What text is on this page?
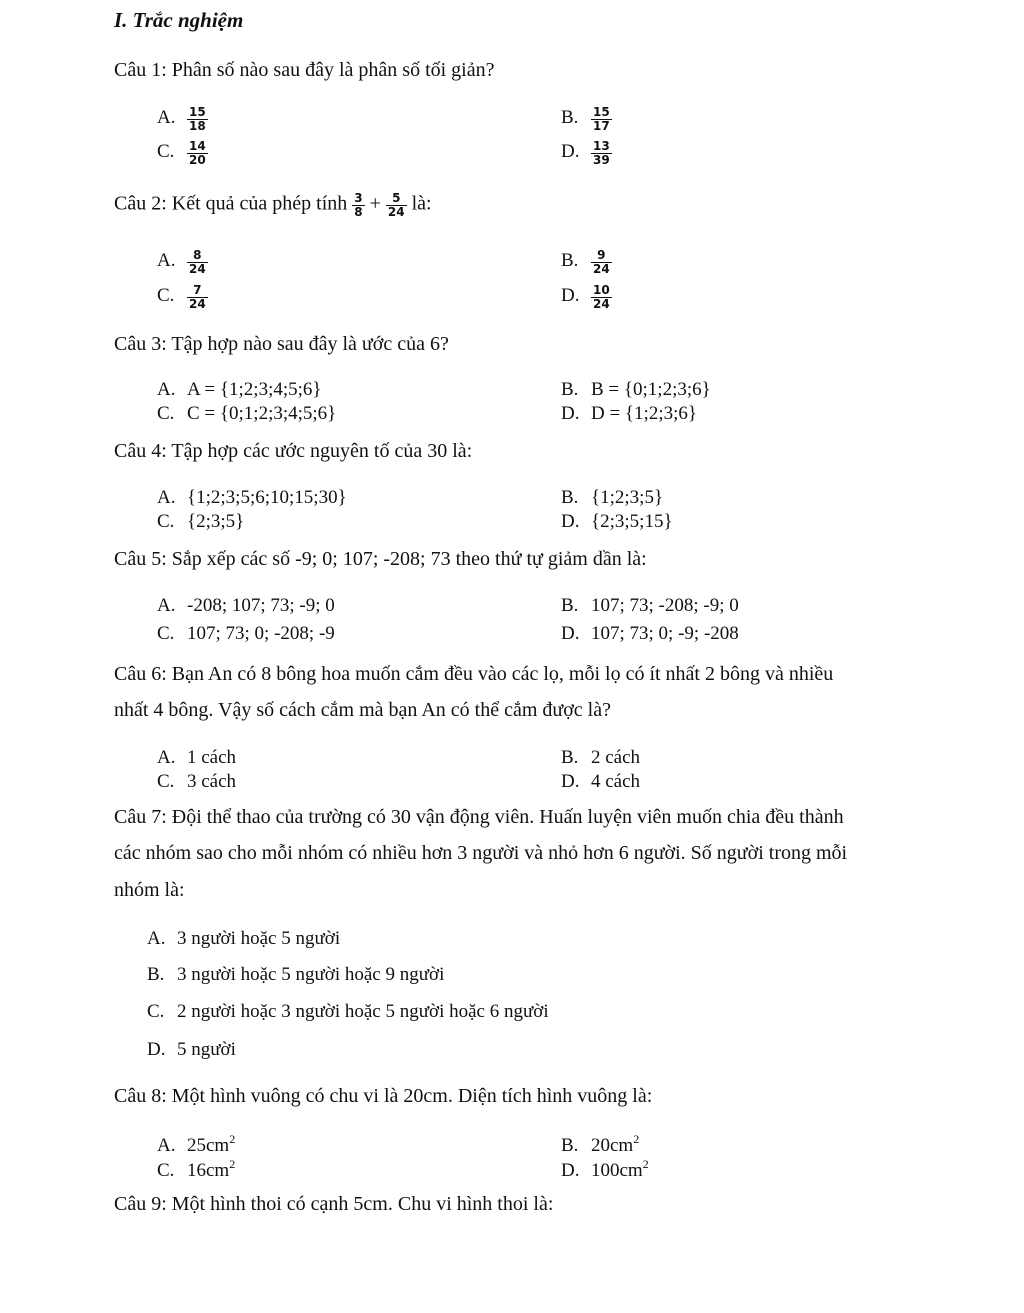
I. Trắc nghiệm
Câu 1: Phân số nào sau đây là phân số tối giản?
A. $\frac{15}{18}$	B. $\frac{15}{17}$
C. $\frac{14}{20}$	D. $\frac{13}{39}$
Câu 2: Kết quả của phép tính $\frac{3}{8} + \frac{5}{24}$ là:
A. $\frac{8}{24}$	B. $\frac{9}{24}$
C. $\frac{7}{24}$	D. $\frac{10}{24}$
Câu 3: Tập hợp nào sau đây là ước của 6?
A. A = {1;2;3;4;5;6}	B. B = {0;1;2;3;6}
C. C = {0;1;2;3;4;5;6}	D. D = {1;2;3;6}
Câu 4: Tập hợp các ước nguyên tố của 30 là:
A. {1;2;3;5;6;10;15;30}	B. {1;2;3;5}
C. {2;3;5}	D. {2;3;5;15}
Câu 5: Sắp xếp các số -9; 0; 107; -208; 73 theo thứ tự giảm dần là:
A. -208; 107; 73; -9; 0	B. 107; 73; -208; -9; 0
C. 107; 73; 0; -208; -9	D. 107; 73; 0; -9; -208
Câu 6: Bạn An có 8 bông hoa muốn cắm đều vào các lọ, mỗi lọ có ít nhất 2 bông và nhiều
nhất 4 bông. Vậy số cách cắm mà bạn An có thể cắm được là?
A. 1 cách	B. 2 cách
C. 3 cách	D. 4 cách
Câu 7: Đội thể thao của trường có 30 vận động viên. Huấn luyện viên muốn chia đều thành
các nhóm sao cho mỗi nhóm có nhiều hơn 3 người và nhỏ hơn 6 người. Số người trong mỗi
nhóm là:
A. 3 người hoặc 5 người
B. 3 người hoặc 5 người hoặc 9 người
C. 2 người hoặc 3 người hoặc 5 người hoặc 6 người
D. 5 người
Câu 8: Một hình vuông có chu vi là 20cm. Diện tích hình vuông là:
A. $25cm^2$	B. $20cm^2$
C. $16cm^2$	D. $100cm^2$
Câu 9: Một hình thoi có cạnh 5cm. Chu vi hình thoi là:
